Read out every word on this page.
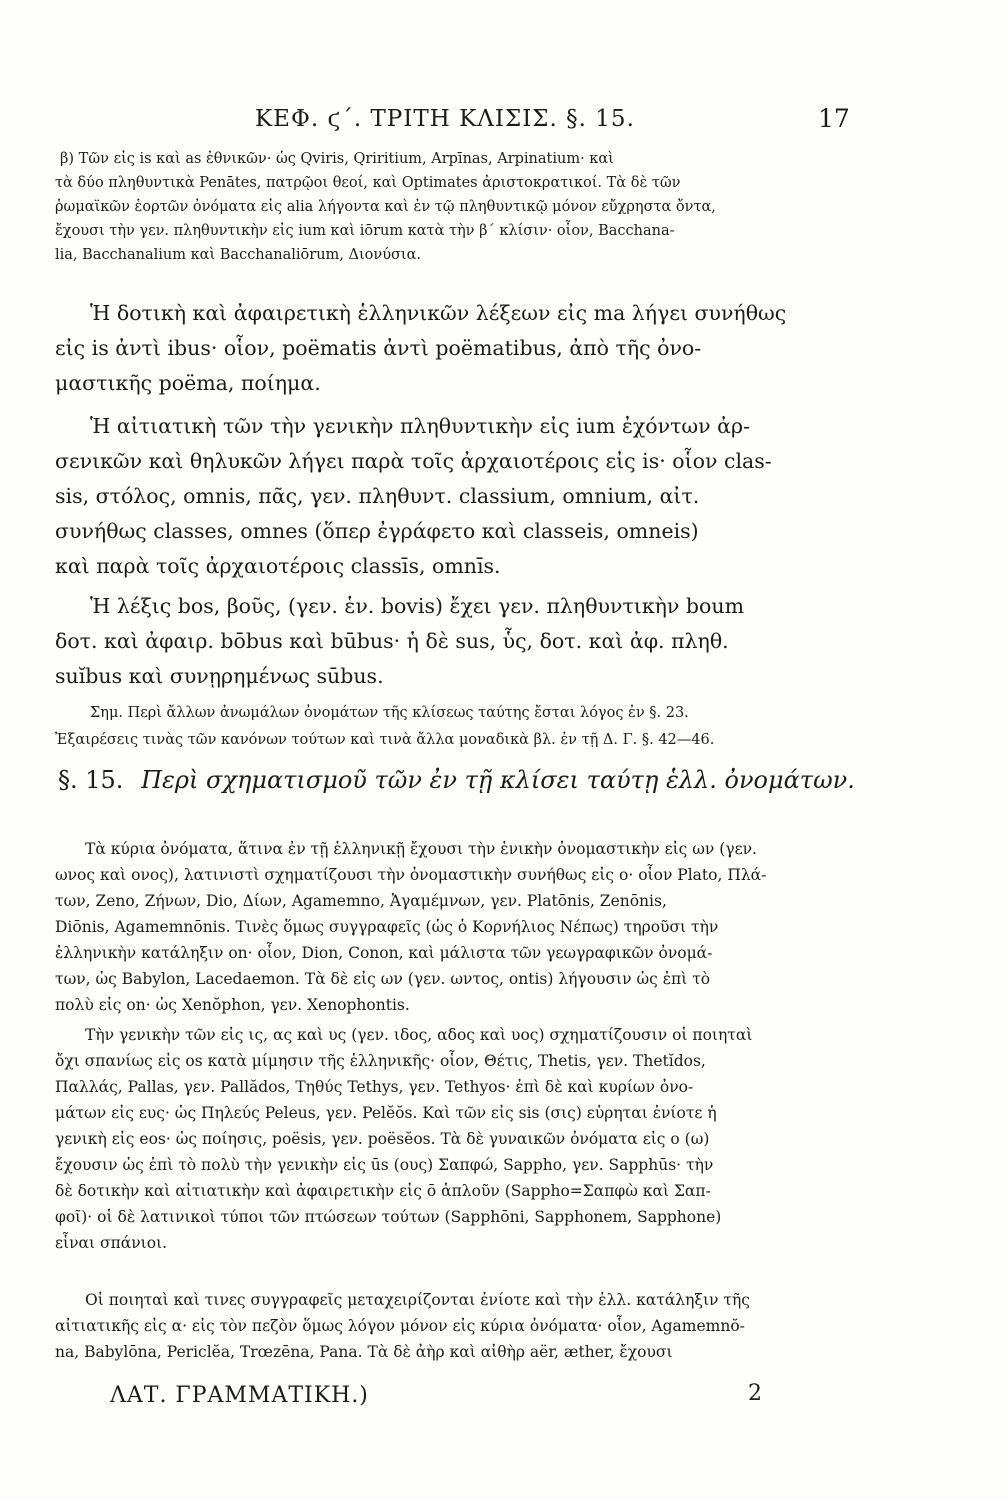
ΚΕΦ. ϛ΄. ΤΡΙΤΗ ΚΛΙΣΙΣ. §. 15.	17
β) Τῶν εἰς is καὶ as ἐθνικῶν· ὡς Qviris, Qriritium, Arpīnas, Arpinatium· καὶ
τὰ δύο πληθυντικὰ Penātes, πατρῷοι θεοί, καὶ Optimates ἀριστοκρατικοί. Τὰ δὲ τῶν
ῥωμαϊκῶν ἑορτῶν ὀνόματα εἰς alia λήγοντα καὶ ἐν τῷ πληθυντικῷ μόνον εὔχρηστα ὄντα,
ἔχουσι τὴν γεν. πληθυντικὴν εἰς ium καὶ iōrum κατὰ τὴν β΄ κλίσιν· οἷον, Bacchana-
lia, Bacchanalium καὶ Bacchanaliōrum, Διονύσια.
Ἡ δοτικὴ καὶ ἀφαιρετικὴ ἑλληνικῶν λέξεων εἰς ma λήγει συνήθως
εἰς is ἀντὶ ibus· οἷον, poëmatis ἀντὶ poëmatibus, ἀπὸ τῆς ὀνο-
μαστικῆς poëma, ποίημα.
Ἡ αἰτιατικὴ τῶν τὴν γενικὴν πληθυντικὴν εἰς ium ἐχόντων ἀρ-
σενικῶν καὶ θηλυκῶν λήγει παρὰ τοῖς ἀρχαιοτέροις εἰς is· οἷον clas-
sis, στόλος, omnis, πᾶς, γεν. πληθυντ. classium, omnium, αἰτ.
συνήθως classes, omnes (ὅπερ ἐγράφετο καὶ classeis, omneis)
καὶ παρὰ τοῖς ἀρχαιοτέροις classīs, omnīs.
Ἡ λέξις bos, βοῦς, (γεν. ἑν. bovis) ἔχει γεν. πληθυντικὴν boum
δοτ. καὶ ἀφαιρ. bōbus καὶ būbus· ἡ δὲ sus, ὗς, δοτ. καὶ ἀφ. πληθ.
suĭbus καὶ συνῃρημένως sūbus.
Σημ. Περὶ ἄλλων ἀνωμάλων ὀνομάτων τῆς κλίσεως ταύτης ἔσται λόγος ἐν §. 23.
Ἐξαιρέσεις τινὰς τῶν κανόνων τούτων καὶ τινὰ ἄλλα μοναδικὰ βλ. ἐν τῇ Δ. Γ. §. 42—46.
§. 15. Περὶ σχηματισμοῦ τῶν ἐν τῇ κλίσει ταύτῃ ἑλλ. ὀνομάτων.
Τὰ κύρια ὀνόματα, ἅτινα ἐν τῇ ἑλληνικῇ ἔχουσι τὴν ἑνικὴν ὀνομαστικὴν εἰς ων (γεν.
ωνος καὶ ονος), λατινιστὶ σχηματίζουσι τὴν ὀνομαστικὴν συνήθως εἰς o· οἷον Plato, Πλά-
των, Zeno, Ζήνων, Dio, Δίων, Agamemno, Ἀγαμέμνων, γεν. Platōnis, Zenōnis,
Diōnis, Agamemnōnis. Τινὲς ὅμως συγγραφεῖς (ὡς ὁ Κορνήλιος Νέπως) τηροῦσι τὴν
ἑλληνικὴν κατάληξιν on· οἷον, Dion, Conon, καὶ μάλιστα τῶν γεωγραφικῶν ὀνομά-
των, ὡς Babylon, Lacedaemon. Τὰ δὲ εἰς ων (γεν. ωντος, ontis) λήγουσιν ὡς ἐπὶ τὸ
πολὺ εἰς on· ὡς Xenŏphon, γεν. Xenophontis.
Τὴν γενικὴν τῶν εἰς ις, ας καὶ υς (γεν. ιδος, αδος καὶ υος) σχηματίζουσιν οἱ ποιηταὶ
ὄχι σπανίως εἰς os κατὰ μίμησιν τῆς ἑλληνικῆς· οἷον, Θέτις, Thetis, γεν. Thetĭdos,
Παλλάς, Pallas, γεν. Pallădos, Τηθύς Tethys, γεν. Tethyos· ἐπὶ δὲ καὶ κυρίων ὀνο-
μάτων εἰς ευς· ὡς Πηλεύς Peleus, γεν. Pelĕŏs. Καὶ τῶν εἰς sis (σις) εὑρηται ἐνίοτε ἡ
γενικὴ εἰς eos· ὡς ποίησις, poësis, γεν. poësĕos. Τὰ δὲ γυναικῶν ὀνόματα εἰς ο (ω)
ἔχουσιν ὡς ἐπὶ τὸ πολὺ τὴν γενικὴν εἰς ūs (ους) Σαπφώ, Sappho, γεν. Sapphūs· τὴν
δὲ δοτικὴν καὶ αἰτιατικὴν καὶ ἀφαιρετικὴν εἰς ō ἁπλοῦν (Sappho=Σαπφὼ καὶ Σαπ-
φοῖ)· οἱ δὲ λατινικοὶ τύποι τῶν πτώσεων τούτων (Sapphōni, Sapphonem, Sapphone)
εἶναι σπάνιοι.
Οἱ ποιηταὶ καὶ τινες συγγραφεῖς μεταχειρίζονται ἐνίοτε καὶ τὴν ἑλλ. κατάληξιν τῆς
αἰτιατικῆς εἰς α· εἰς τὸν πεζὸν ὅμως λόγον μόνον εἰς κύρια ὀνόματα· οἷον, Agamemnŏ-
na, Babylōna, Periclĕa, Trœzēna, Pana. Τὰ δὲ ἀὴρ καὶ αἰθὴρ aër, æther, ἔχουσι
ΛΑΤ. ΓΡΑΜΜΑΤΙΚΗ.)	2
